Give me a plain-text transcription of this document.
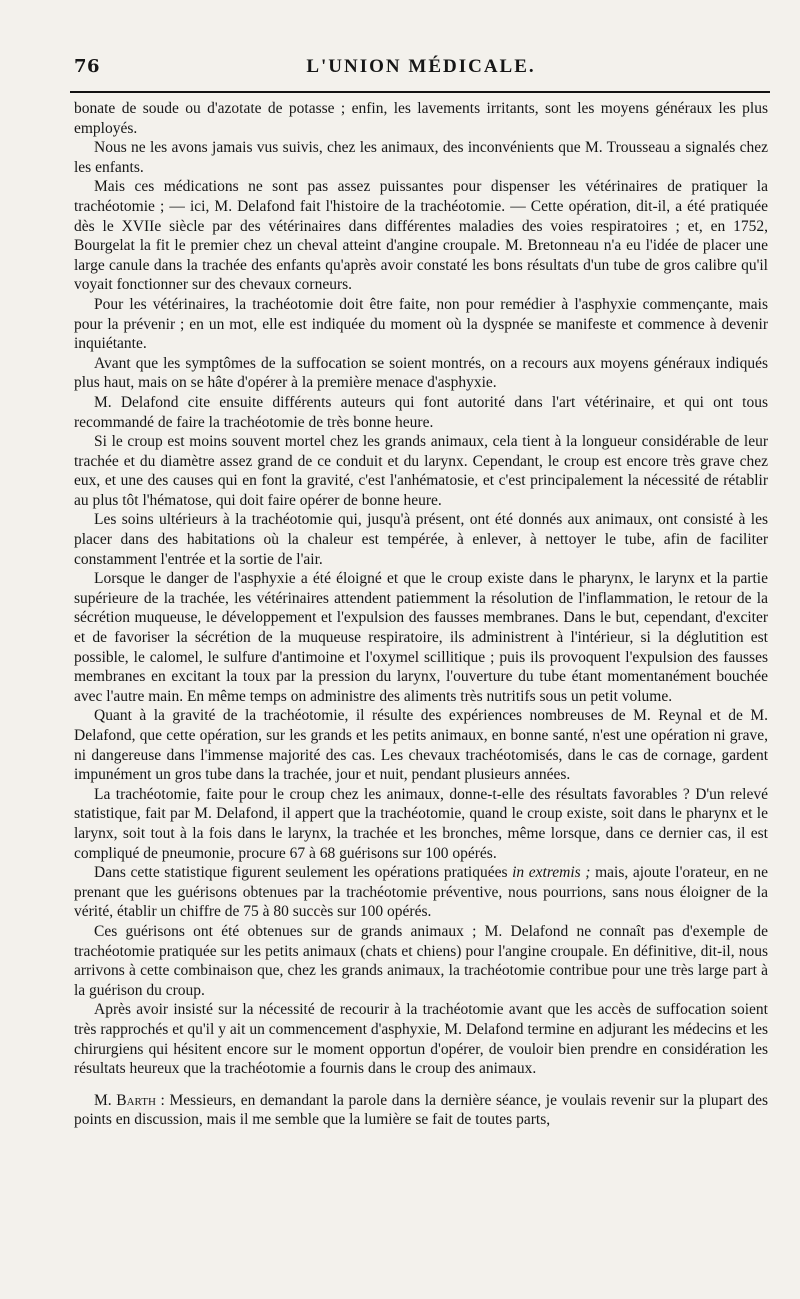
76	L'UNION MÉDICALE.

bonate de soude ou d'azotate de potasse ; enfin, les lavements irritants, sont les moyens généraux les plus employés.

Nous ne les avons jamais vus suivis, chez les animaux, des inconvénients que M. Trousseau a signalés chez les enfants.

Mais ces médications ne sont pas assez puissantes pour dispenser les vétérinaires de pratiquer la trachéotomie ; — ici, M. Delafond fait l'histoire de la trachéotomie. — Cette opération, dit-il, a été pratiquée dès le XVIIe siècle par des vétérinaires dans différentes maladies des voies respiratoires ; et, en 1752, Bourgelat la fit le premier chez un cheval atteint d'angine croupale. M. Bretonneau n'a eu l'idée de placer une large canule dans la trachée des enfants qu'après avoir constaté les bons résultats d'un tube de gros calibre qu'il voyait fonctionner sur des chevaux corneurs.

Pour les vétérinaires, la trachéotomie doit être faite, non pour remédier à l'asphyxie commençante, mais pour la prévenir ; en un mot, elle est indiquée du moment où la dyspnée se manifeste et commence à devenir inquiétante.

Avant que les symptômes de la suffocation se soient montrés, on a recours aux moyens généraux indiqués plus haut, mais on se hâte d'opérer à la première menace d'asphyxie.

M. Delafond cite ensuite différents auteurs qui font autorité dans l'art vétérinaire, et qui ont tous recommandé de faire la trachéotomie de très bonne heure.

Si le croup est moins souvent mortel chez les grands animaux, cela tient à la longueur considérable de leur trachée et du diamètre assez grand de ce conduit et du larynx. Cependant, le croup est encore très grave chez eux, et une des causes qui en font la gravité, c'est l'anhématosie, et c'est principalement la nécessité de rétablir au plus tôt l'hématose, qui doit faire opérer de bonne heure.

Les soins ultérieurs à la trachéotomie qui, jusqu'à présent, ont été donnés aux animaux, ont consisté à les placer dans des habitations où la chaleur est tempérée, à enlever, à nettoyer le tube, afin de faciliter constamment l'entrée et la sortie de l'air.

Lorsque le danger de l'asphyxie a été éloigné et que le croup existe dans le pharynx, le larynx et la partie supérieure de la trachée, les vétérinaires attendent patiemment la résolution de l'inflammation, le retour de la sécrétion muqueuse, le développement et l'expulsion des fausses membranes. Dans le but, cependant, d'exciter et de favoriser la sécrétion de la muqueuse respiratoire, ils administrent à l'intérieur, si la déglutition est possible, le calomel, le sulfure d'antimoine et l'oxymel scillitique ; puis ils provoquent l'expulsion des fausses membranes en excitant la toux par la pression du larynx, l'ouverture du tube étant momentanément bouchée avec l'autre main. En même temps on administre des aliments très nutritifs sous un petit volume.

Quant à la gravité de la trachéotomie, il résulte des expériences nombreuses de M. Reynal et de M. Delafond, que cette opération, sur les grands et les petits animaux, en bonne santé, n'est une opération ni grave, ni dangereuse dans l'immense majorité des cas. Les chevaux trachéotomisés, dans le cas de cornage, gardent impunément un gros tube dans la trachée, jour et nuit, pendant plusieurs années.

La trachéotomie, faite pour le croup chez les animaux, donne-t-elle des résultats favorables ? D'un relevé statistique, fait par M. Delafond, il appert que la trachéotomie, quand le croup existe, soit dans le pharynx et le larynx, soit tout à la fois dans le larynx, la trachée et les bronches, même lorsque, dans ce dernier cas, il est compliqué de pneumonie, procure 67 à 68 guérisons sur 100 opérés.

Dans cette statistique figurent seulement les opérations pratiquées in extremis ; mais, ajoute l'orateur, en ne prenant que les guérisons obtenues par la trachéotomie préventive, nous pourrions, sans nous éloigner de la vérité, établir un chiffre de 75 à 80 succès sur 100 opérés.

Ces guérisons ont été obtenues sur de grands animaux ; M. Delafond ne connaît pas d'exemple de trachéotomie pratiquée sur les petits animaux (chats et chiens) pour l'angine croupale. En définitive, dit-il, nous arrivons à cette combinaison que, chez les grands animaux, la trachéotomie contribue pour une très large part à la guérison du croup.

Après avoir insisté sur la nécessité de recourir à la trachéotomie avant que les accès de suffocation soient très rapprochés et qu'il y ait un commencement d'asphyxie, M. Delafond termine en adjurant les médecins et les chirurgiens qui hésitent encore sur le moment opportun d'opérer, de vouloir bien prendre en considération les résultats heureux que la trachéotomie a fournis dans le croup des animaux.

M. Barth : Messieurs, en demandant la parole dans la dernière séance, je voulais revenir sur la plupart des points en discussion, mais il me semble que la lumière se fait de toutes parts,
